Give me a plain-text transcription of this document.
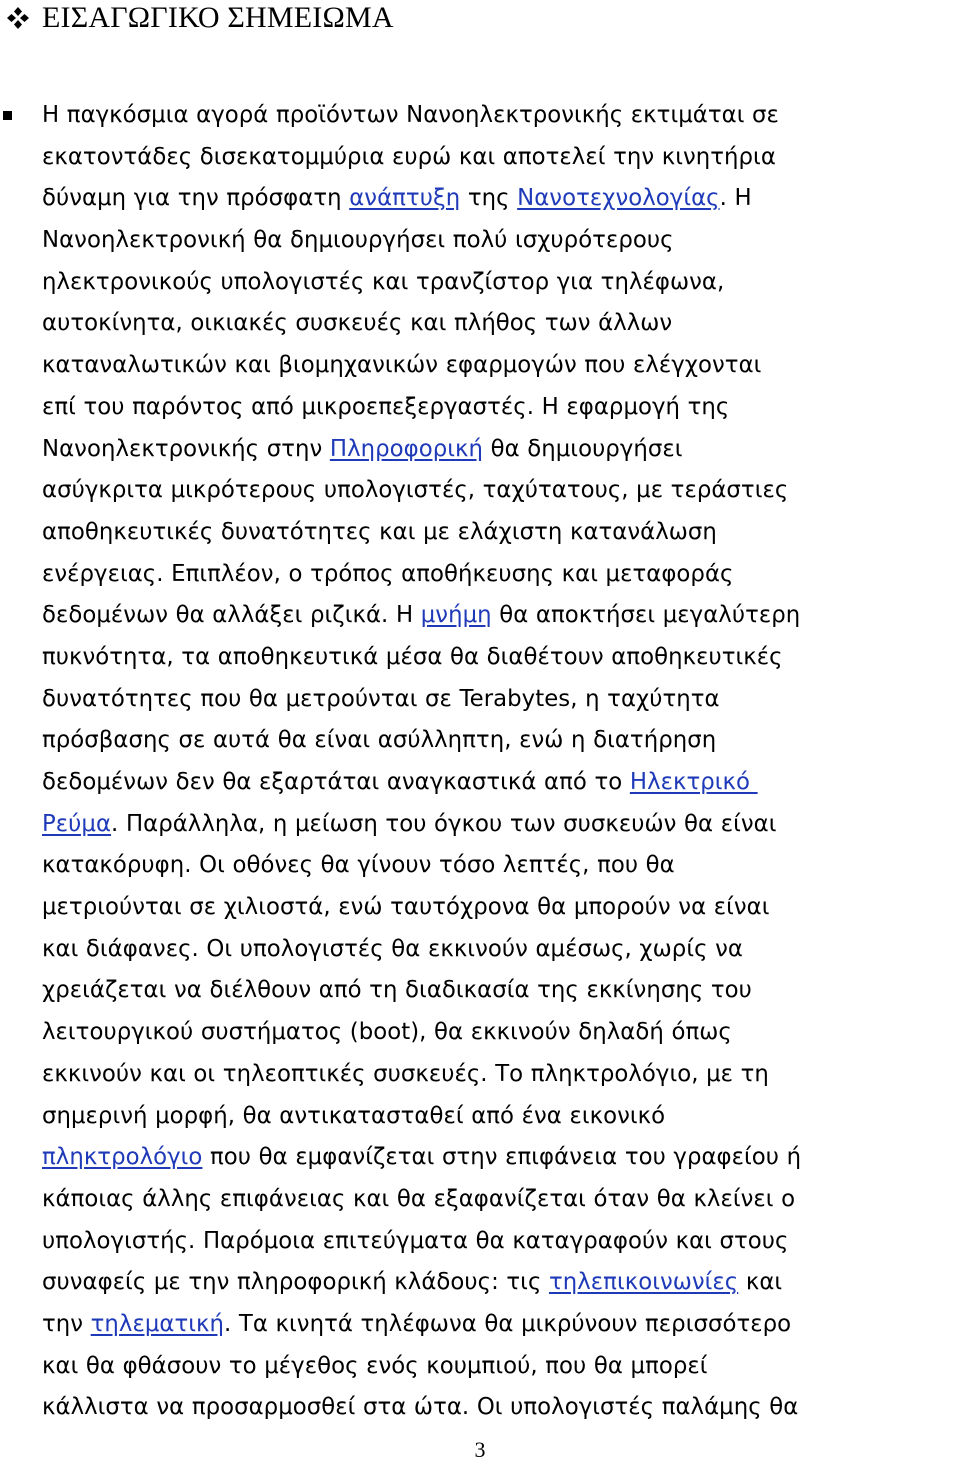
ΕΙΣΑΓΩΓΙΚΟ ΣΗΜΕΙΩΜΑ
Η παγκόσμια αγορά προϊόντων Νανοηλεκτρονικής εκτιμάται σε
εκατοντάδες δισεκατομμύρια ευρώ και αποτελεί την κινητήρια
δύναμη για την πρόσφατη ανάπτυξη της Νανοτεχνολογίας. Η
Νανοηλεκτρονική θα δημιουργήσει πολύ ισχυρότερους
ηλεκτρονικούς υπολογιστές και τρανζίστορ για τηλέφωνα,
αυτοκίνητα, οικιακές συσκευές και πλήθος των άλλων
καταναλωτικών και βιομηχανικών εφαρμογών που ελέγχονται
επί του παρόντος από μικροεπεξεργαστές. Η εφαρμογή της
Νανοηλεκτρονικής στην Πληροφορική θα δημιουργήσει
ασύγκριτα μικρότερους υπολογιστές, ταχύτατους, με τεράστιες
αποθηκευτικές δυνατότητες και με ελάχιστη κατανάλωση
ενέργειας. Επιπλέον, ο τρόπος αποθήκευσης και μεταφοράς
δεδομένων θα αλλάξει ριζικά. Η μνήμη θα αποκτήσει μεγαλύτερη
πυκνότητα, τα αποθηκευτικά μέσα θα διαθέτουν αποθηκευτικές
δυνατότητες που θα μετρούνται σε Terabytes, η ταχύτητα
πρόσβασης σε αυτά θα είναι ασύλληπτη, ενώ η διατήρηση
δεδομένων δεν θα εξαρτάται αναγκαστικά από το Ηλεκτρικό
Ρεύμα. Παράλληλα, η μείωση του όγκου των συσκευών θα είναι
κατακόρυφη. Οι οθόνες θα γίνουν τόσο λεπτές, που θα
μετριούνται σε χιλιοστά, ενώ ταυτόχρονα θα μπορούν να είναι
και διάφανες. Οι υπολογιστές θα εκκινούν αμέσως, χωρίς να
χρειάζεται να διέλθουν από τη διαδικασία της εκκίνησης του
λειτουργικού συστήματος (boot), θα εκκινούν δηλαδή όπως
εκκινούν και οι τηλεοπτικές συσκευές. Το πληκτρολόγιο, με τη
σημερινή μορφή, θα αντικατασταθεί από ένα εικονικό
πληκτρολόγιο που θα εμφανίζεται στην επιφάνεια του γραφείου ή
κάποιας άλλης επιφάνειας και θα εξαφανίζεται όταν θα κλείνει ο
υπολογιστής. Παρόμοια επιτεύγματα θα καταγραφούν και στους
συναφείς με την πληροφορική κλάδους: τις τηλεπικοινωνίες και
την τηλεματική. Τα κινητά τηλέφωνα θα μικρύνουν περισσότερο
και θα φθάσουν το μέγεθος ενός κουμπιού, που θα μπορεί
κάλλιστα να προσαρμοσθεί στα ώτα. Οι υπολογιστές παλάμης θα
3
